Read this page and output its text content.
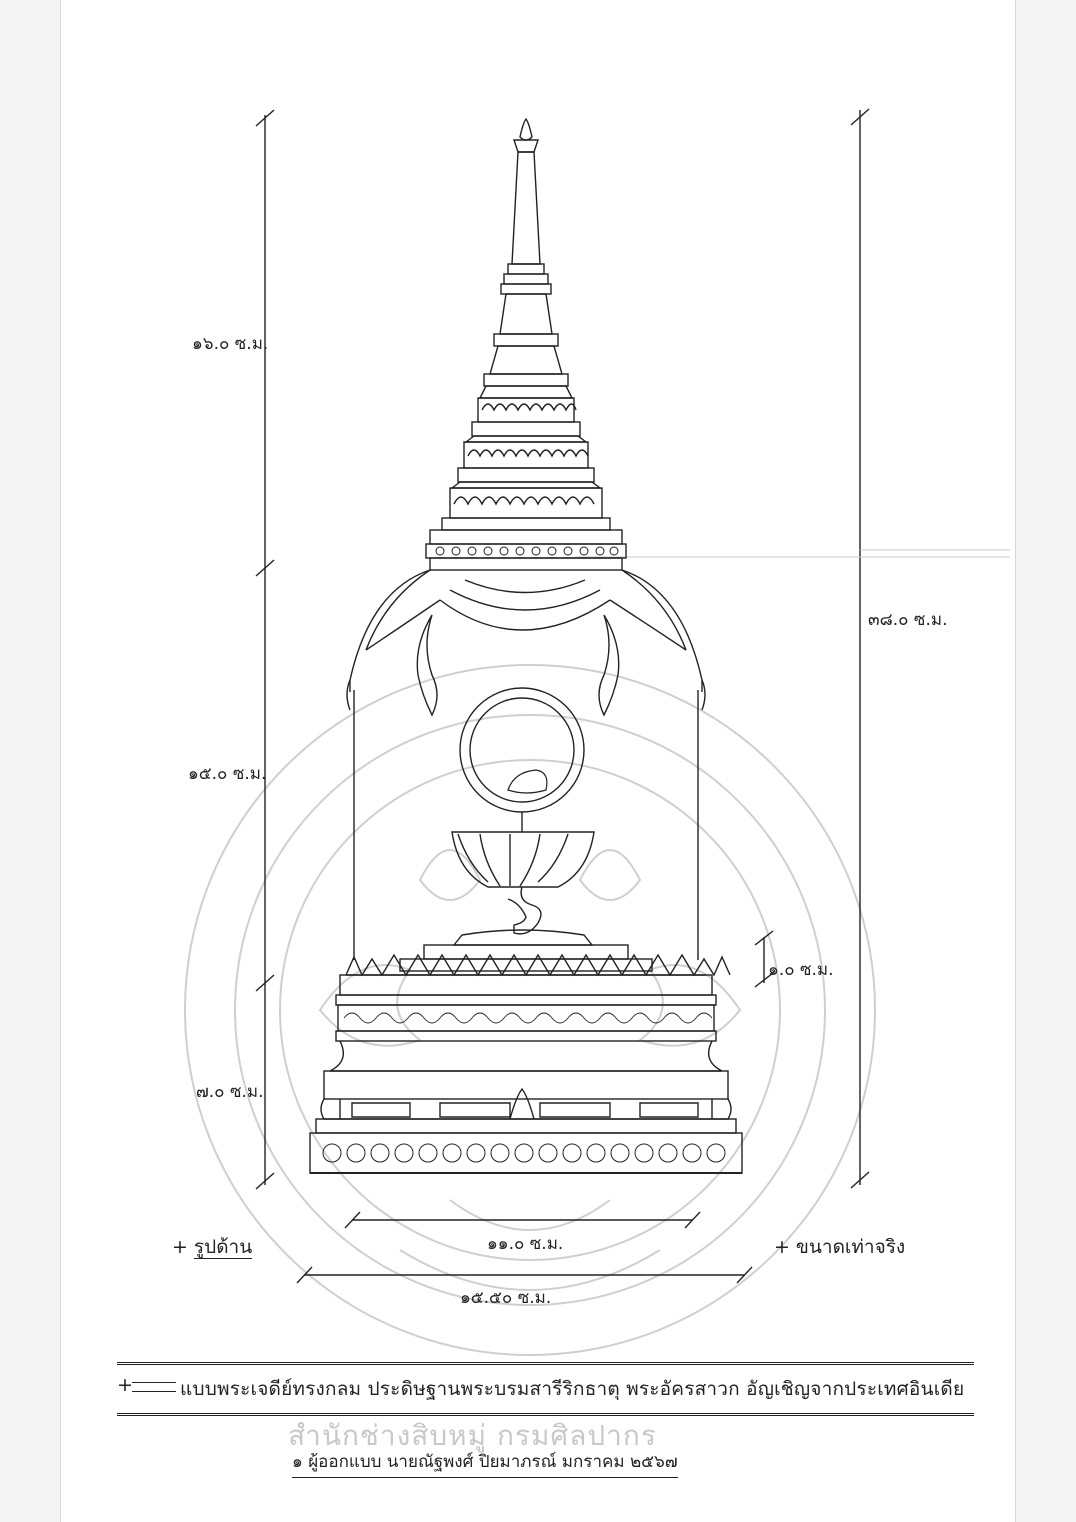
๑๖.๐ ซ.ม.
๑๕.๐ ซ.ม.
๗.๐ ซ.ม.
๓๘.๐ ซ.ม.
๑.๐ ซ.ม.
๑๑.๐ ซ.ม.
๑๕.๕๐ ซ.ม.
+ รูปด้าน	+ ขนาดเท่าจริง
+ แบบพระเจดีย์ทรงกลม ประดิษฐานพระบรมสารีริกธาตุ พระอัครสาวก อัญเชิญจากประเทศอินเดีย
สำนักช่างสิบหมู่ กรมศิลปากร
๑ ผู้ออกแบบ นายณัฐพงศ์ ปิยมาภรณ์ มกราคม ๒๕๖๗
